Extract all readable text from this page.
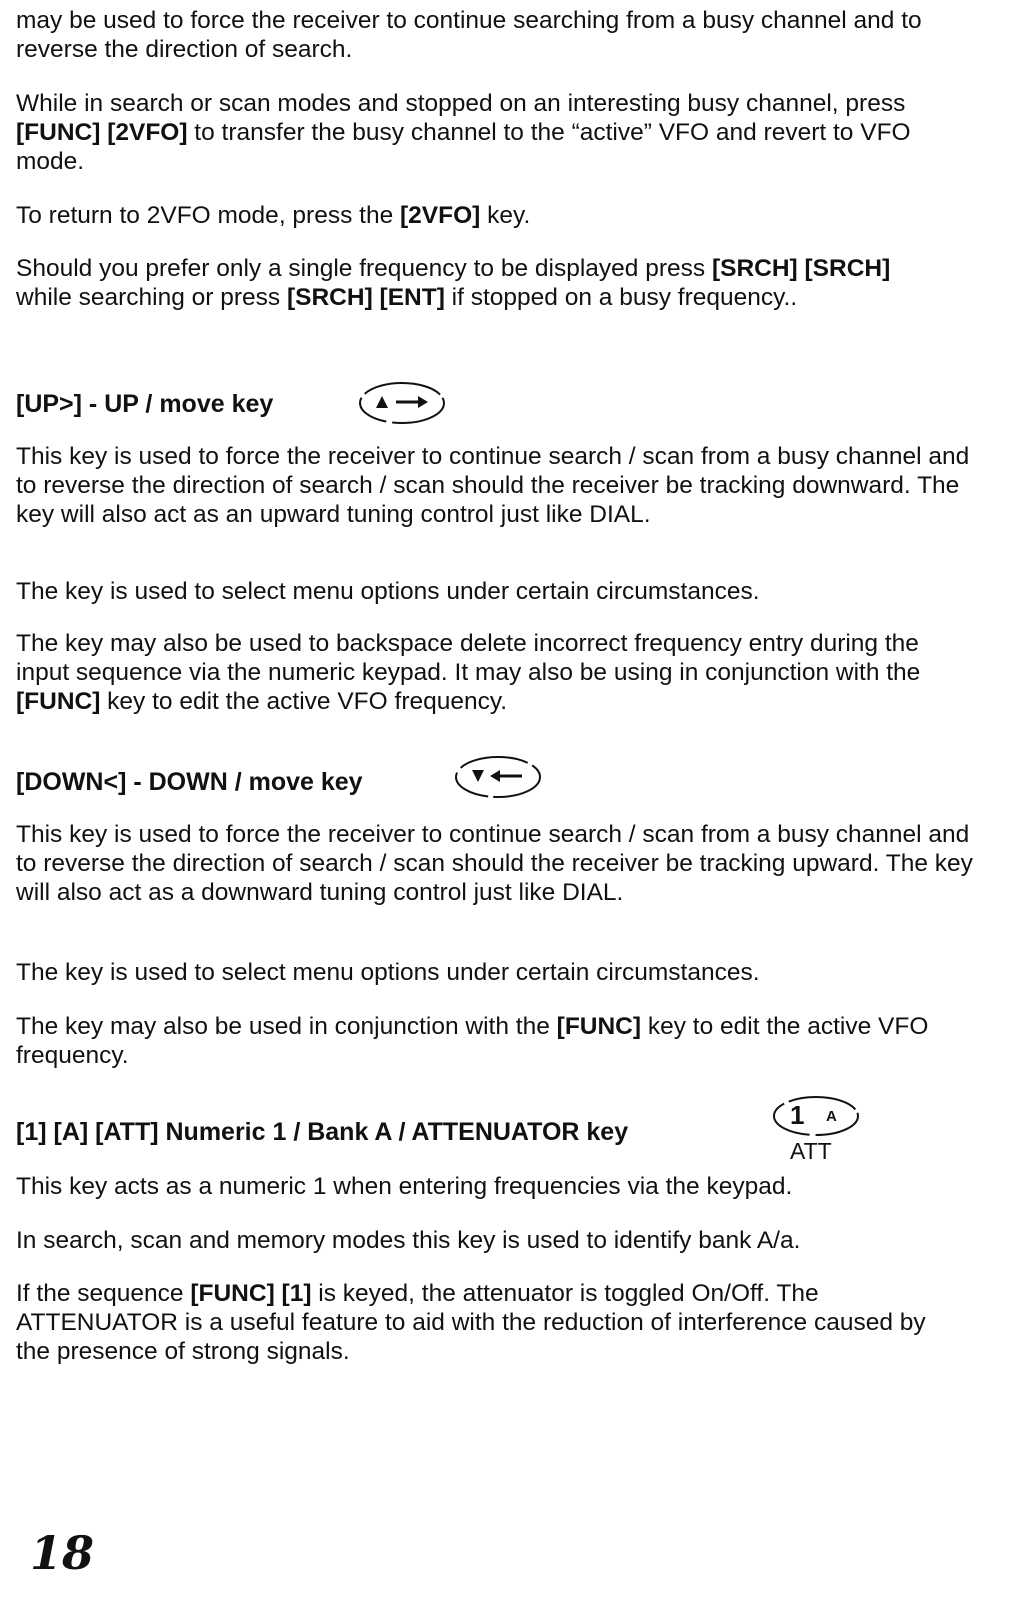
may be used to force the receiver to continue searching from a busy channel and to reverse the direction of search.

While in search or scan modes and stopped on an interesting busy channel, press [FUNC] [2VFO] to transfer the busy channel to the “active” VFO and revert to VFO mode.

To return to 2VFO mode, press the [2VFO] key.

Should you prefer only a single frequency to be displayed press [SRCH] [SRCH] while searching or press [SRCH] [ENT] if stopped on a busy frequency..

[UP>] - UP / move key

This key is used to force the receiver to continue search / scan from a busy channel and to reverse the direction of search / scan should the receiver be tracking downward. The key will also act as an upward tuning control just like DIAL.

The key is used to select menu options under certain circumstances.

The key may also be used to backspace delete incorrect frequency entry during the input sequence via the numeric keypad. It may also be using in conjunction with the [FUNC] key to edit the active VFO frequency.

[DOWN<] - DOWN / move key

This key is used to force the receiver to continue search / scan from a busy channel and to reverse the direction of search / scan should the receiver be tracking upward. The key will also act as a downward tuning control just like DIAL.

The key is used to select menu options under certain circumstances.

The key may also be used in conjunction with the [FUNC] key to edit the active VFO frequency.

[1] [A] [ATT] Numeric 1 / Bank A / ATTENUATOR key
1 A
ATT

This key acts as a numeric 1 when entering frequencies via the keypad.

In search, scan and memory modes this key is used to identify bank A/a.

If the sequence [FUNC] [1] is keyed, the attenuator is toggled On/Off. The ATTENUATOR is a useful feature to aid with the reduction of interference caused by the presence of strong signals.

18
